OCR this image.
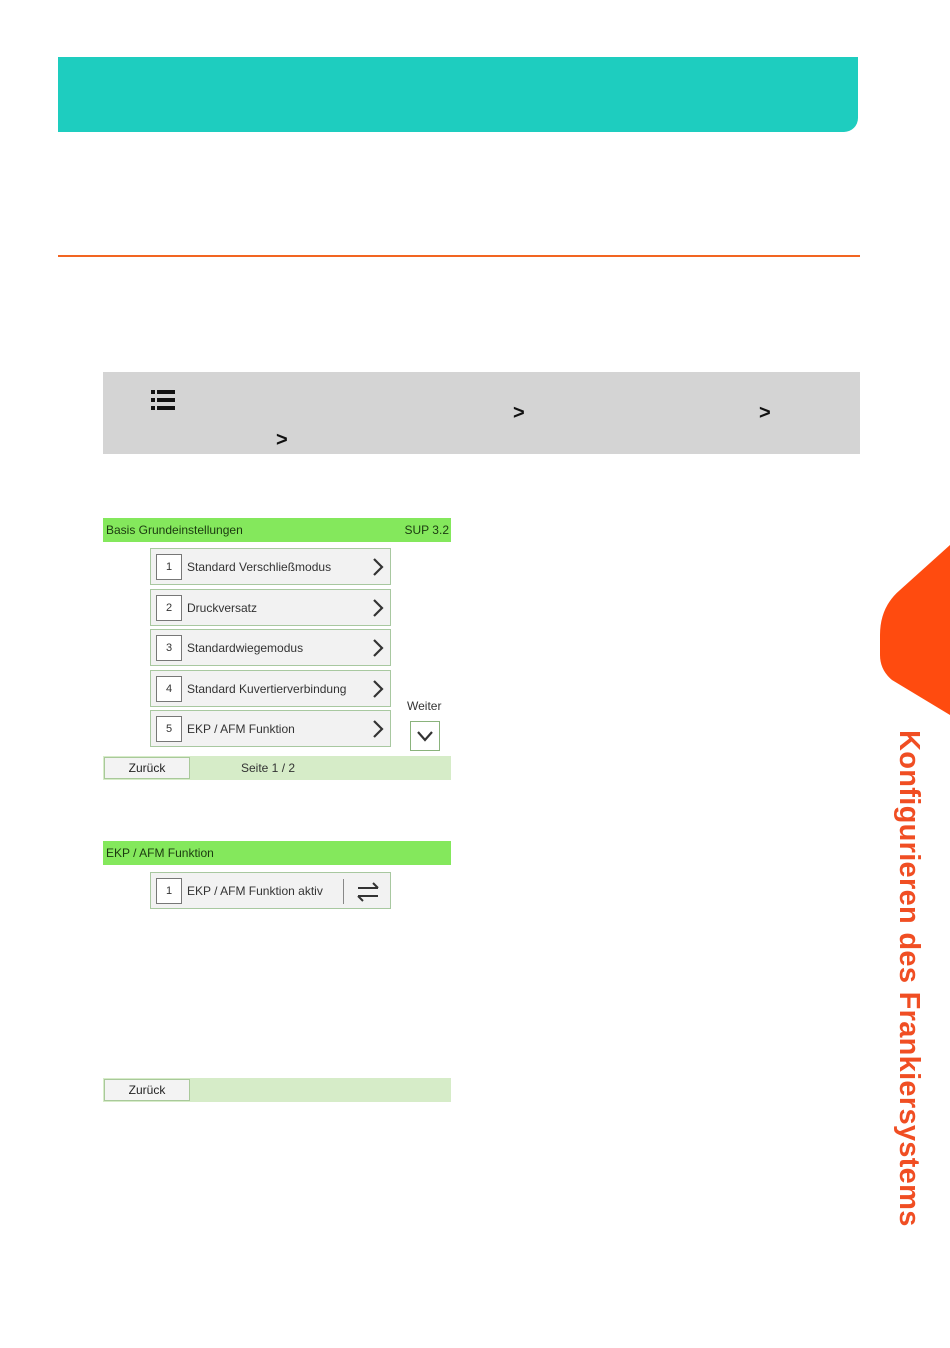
>	>
>
Basis Grundeinstellungen	SUP 3.2
1	Standard Verschließmodus
2	Druckversatz
3	Standardwiegemodus
4	Standard Kuvertierverbindung
5	EKP / AFM Funktion
Weiter
Zurück	Seite 1 / 2
EKP / AFM Funktion
1	EKP / AFM Funktion aktiv
Zurück	Konfigurieren des Frankiersystems
